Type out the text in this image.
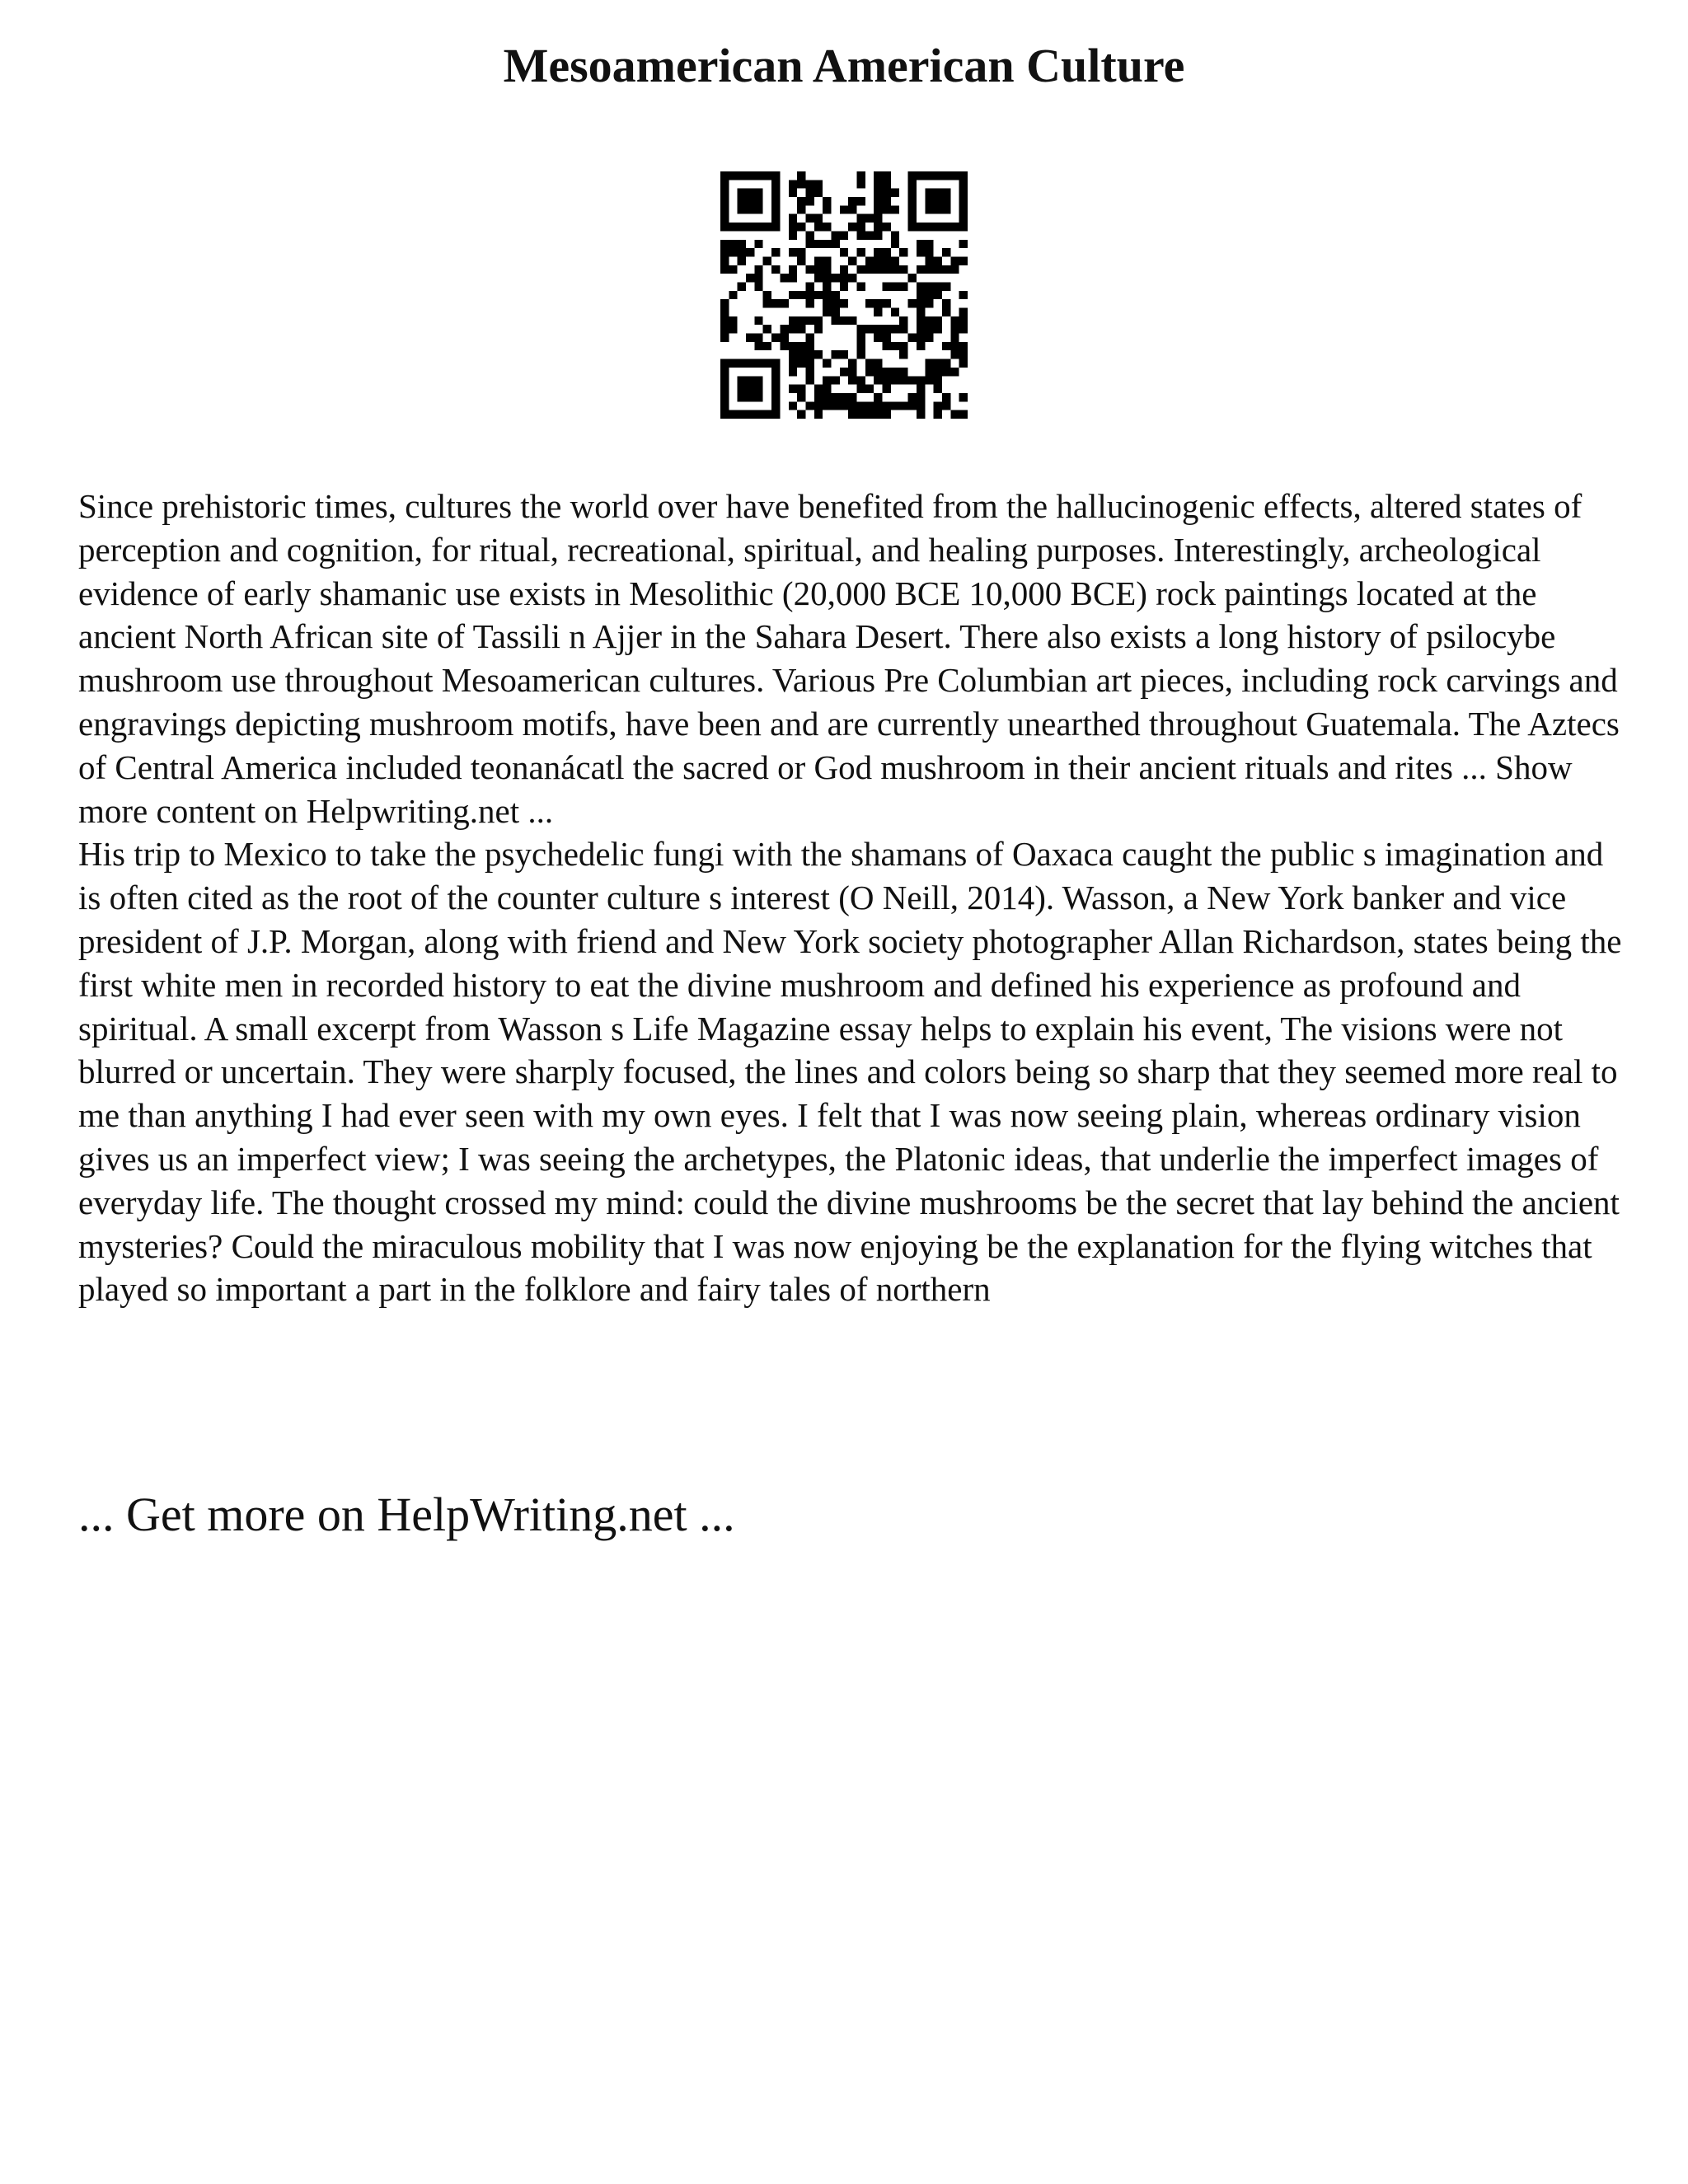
Mesoamerican American Culture

Since prehistoric times, cultures the world over have benefited from the hallucinogenic effects, altered states of perception and cognition, for ritual, recreational, spiritual, and healing purposes. Interestingly, archeological evidence of early shamanic use exists in Mesolithic (20,000 BCE 10,000 BCE) rock paintings located at the ancient North African site of Tassili n Ajjer in the Sahara Desert. There also exists a long history of psilocybe mushroom use throughout Mesoamerican cultures. Various Pre Columbian art pieces, including rock carvings and engravings depicting mushroom motifs, have been and are currently unearthed throughout Guatemala. The Aztecs of Central America included teonanácatl the sacred or God mushroom in their ancient rituals and rites ... Show more content on Helpwriting.net ...

His trip to Mexico to take the psychedelic fungi with the shamans of Oaxaca caught the public s imagination and is often cited as the root of the counter culture s interest (O Neill, 2014). Wasson, a New York banker and vice president of J.P. Morgan, along with friend and New York society photographer Allan Richardson, states being the first white men in recorded history to eat the divine mushroom and defined his experience as profound and spiritual. A small excerpt from Wasson s Life Magazine essay helps to explain his event, The visions were not blurred or uncertain. They were sharply focused, the lines and colors being so sharp that they seemed more real to me than anything I had ever seen with my own eyes. I felt that I was now seeing plain, whereas ordinary vision gives us an imperfect view; I was seeing the archetypes, the Platonic ideas, that underlie the imperfect images of everyday life. The thought crossed my mind: could the divine mushrooms be the secret that lay behind the ancient mysteries? Could the miraculous mobility that I was now enjoying be the explanation for the flying witches that played so important a part in the folklore and fairy tales of northern

... Get more on HelpWriting.net ...
